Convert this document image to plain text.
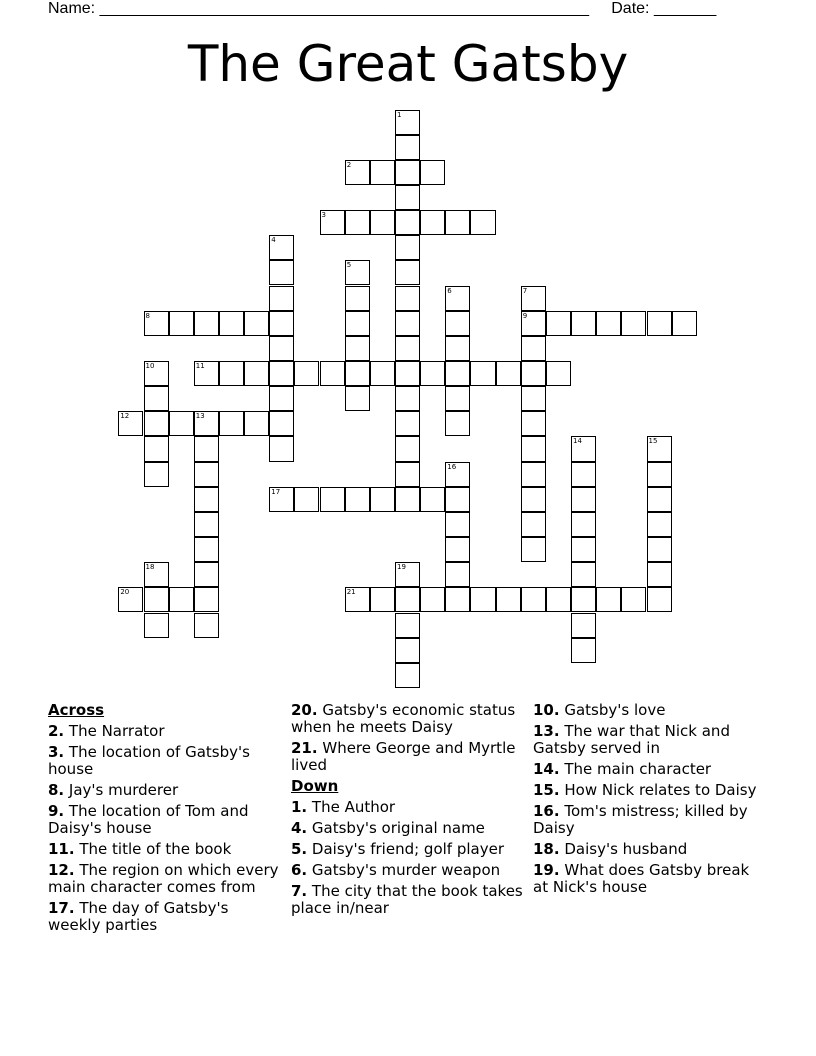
Name: _______________________________________________________ Date: _______
The Great Gatsby
1
2
3
4
5
6	7
9
8
10	11
12	13
14	15
16
17
18	19
20	21
Across
2. The Narrator
3. The location of Gatsby's house
8. Jay's murderer
9. The location of Tom and Daisy's house
11. The title of the book
12. The region on which every main character comes from
17. The day of Gatsby's weekly parties
20. Gatsby's economic status when he meets Daisy
21. Where George and Myrtle lived
Down
1. The Author
4. Gatsby's original name
5. Daisy's friend; golf player
6. Gatsby's murder weapon
7. The city that the book takes place in/near
10. Gatsby's love
13. The war that Nick and Gatsby served in
14. The main character
15. How Nick relates to Daisy
16. Tom's mistress; killed by Daisy
18. Daisy's husband
19. What does Gatsby break at Nick's house
